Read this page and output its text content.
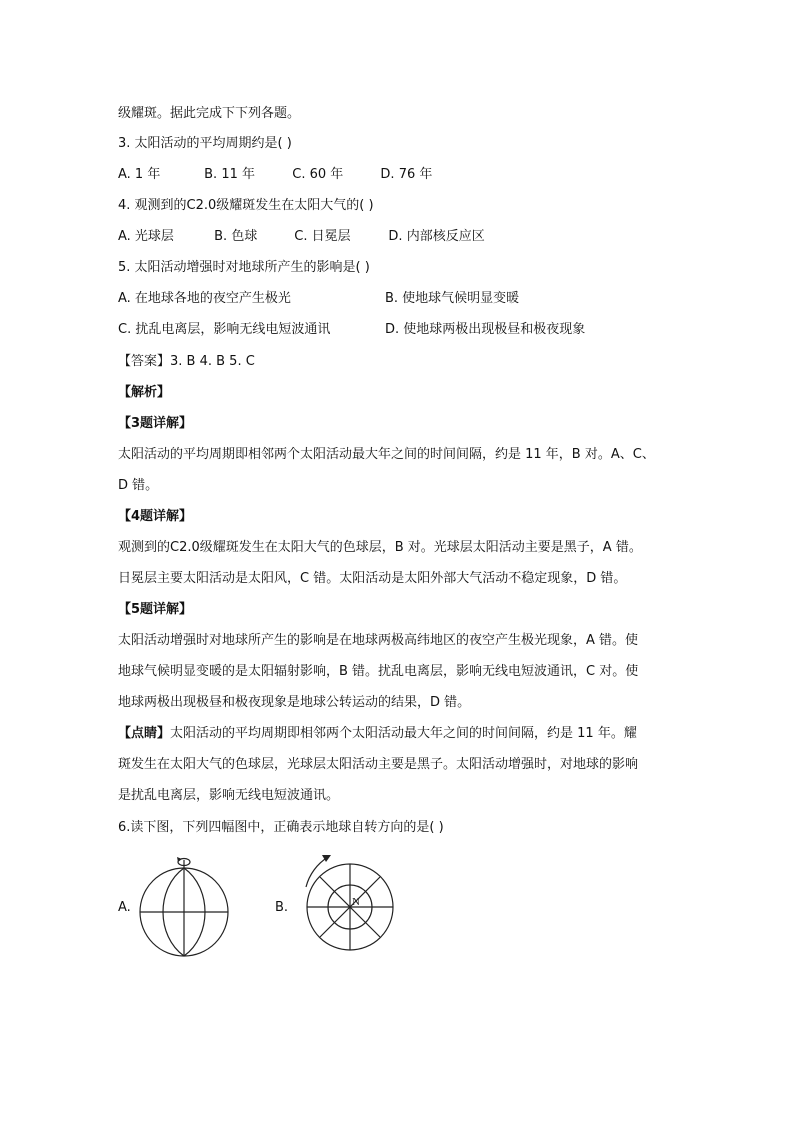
级耀斑。据此完成下下列各题。
3. 太阳活动的平均周期约是( )
A. 1 年	B. 11 年	C. 60 年	D. 76 年
4. 观测到的C2.0级耀斑发生在太阳大气的( )
A. 光球层	B. 色球	C. 日冕层	D. 内部核反应区
5. 太阳活动增强时对地球所产生的影响是( )
A. 在地球各地的夜空产生极光	B. 使地球气候明显变暖
C. 扰乱电离层，影响无线电短波通讯	D. 使地球两极出现极昼和极夜现象
【答案】3. B 4. B 5. C
【解析】
【3题详解】
太阳活动的平均周期即相邻两个太阳活动最大年之间的时间间隔，约是 11 年，B 对。A、C、
D 错。
【4题详解】
观测到的C2.0级耀斑发生在太阳大气的色球层，B 对。光球层太阳活动主要是黑子，A 错。
日冕层主要太阳活动是太阳风，C 错。太阳活动是太阳外部大气活动不稳定现象，D 错。
【5题详解】
太阳活动增强时对地球所产生的影响是在地球两极高纬地区的夜空产生极光现象，A 错。使
地球气候明显变暖的是太阳辐射影响，B 错。扰乱电离层，影响无线电短波通讯，C 对。使
地球两极出现极昼和极夜现象是地球公转运动的结果，D 错。
【点睛】太阳活动的平均周期即相邻两个太阳活动最大年之间的时间间隔，约是 11 年。耀
斑发生在太阳大气的色球层，光球层太阳活动主要是黑子。太阳活动增强时，对地球的影响
是扰乱电离层，影响无线电短波通讯。
6.读下图，下列四幅图中，正确表示地球自转方向的是( )
A.	B.	N
